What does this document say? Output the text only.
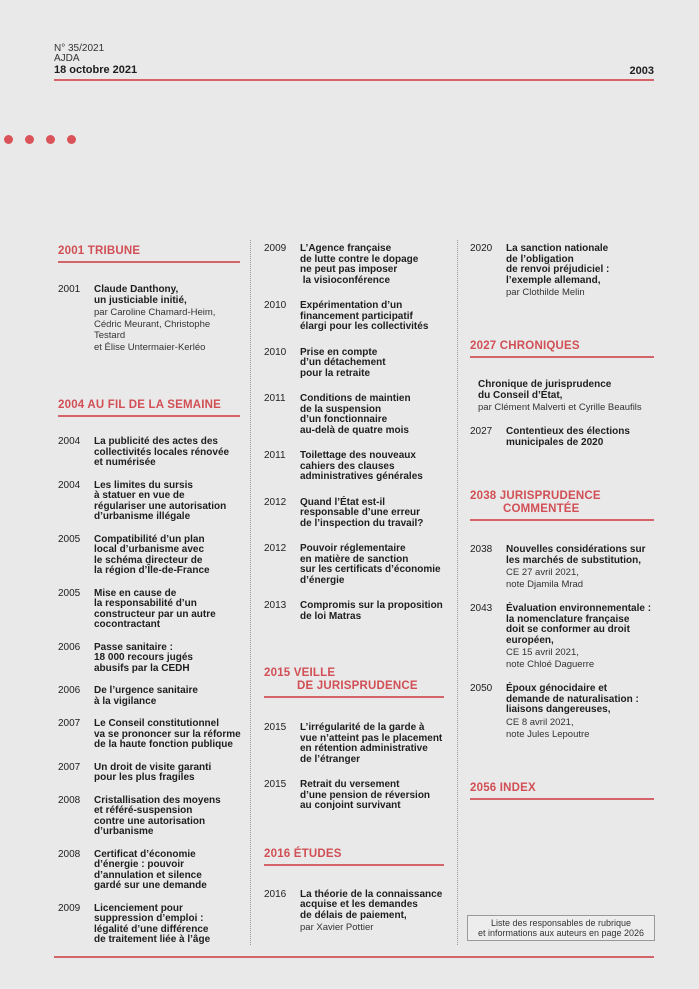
N° 35/2021
AJDA
18 octobre 2021	2003
2001 TRIBUNE
2001	Claude Danthony,
un justiciable initié,
par Caroline Chamard-Heim,
Cédric Meurant, Christophe Testard
et Élise Untermaier-Kerléo
2004 AU FIL DE LA SEMAINE
2004	La publicité des actes des
collectivités locales rénovée
et numérisée
2004	Les limites du sursis
à statuer en vue de
régulariser une autorisation
d’urbanisme illégale
2005	Compatibilité d’un plan
local d’urbanisme avec
le schéma directeur de
la région d’Île-de-France
2005	Mise en cause de
la responsabilité d’un
constructeur par un autre
cocontractant
2006	Passe sanitaire :
18 000 recours jugés
abusifs par la CEDH
2006	De l’urgence sanitaire
à la vigilance
2007	Le Conseil constitutionnel
va se prononcer sur la réforme
de la haute fonction publique
2007	Un droit de visite garanti
pour les plus fragiles
2008	Cristallisation des moyens
et référé-suspension
contre une autorisation
d’urbanisme
2008	Certificat d’économie
d’énergie : pouvoir
d’annulation et silence
gardé sur une demande
2009	Licenciement pour
suppression d’emploi :
légalité d’une différence
de traitement liée à l’âge
2009	L’Agence française
de lutte contre le dopage
ne peut pas imposer
la visioconférence
2010	Expérimentation d’un
financement participatif
élargi pour les collectivités
2010	Prise en compte
d’un détachement
pour la retraite
2011	Conditions de maintien
de la suspension
d’un fonctionnaire
au-delà de quatre mois
2011	Toilettage des nouveaux
cahiers des clauses
administratives générales
2012	Quand l’État est-il
responsable d’une erreur
de l’inspection du travail?
2012	Pouvoir réglementaire
en matière de sanction
sur les certificats d’économie
d’énergie
2013	Compromis sur la proposition
de loi Matras
2015 VEILLE
DE JURISPRUDENCE
2015	L’irrégularité de la garde à
vue n’atteint pas le placement
en rétention administrative
de l’étranger
2015	Retrait du versement
d’une pension de réversion
au conjoint survivant
2016 ÉTUDES
2016	La théorie de la connaissance
acquise et les demandes
de délais de paiement,
par Xavier Pottier
2020	La sanction nationale
de l’obligation
de renvoi préjudiciel :
l’exemple allemand,
par Clothilde Melin
2027 CHRONIQUES
Chronique de jurisprudence
du Conseil d’État,
par Clément Malverti et Cyrille Beaufils
2027	Contentieux des élections
municipales de 2020
2038 JURISPRUDENCE
COMMENTÉE
2038	Nouvelles considérations sur
les marchés de substitution,
CE 27 avril 2021,
note Djamila Mrad
2043	Évaluation environnementale :
la nomenclature française
doit se conformer au droit
européen,
CE 15 avril 2021,
note Chloé Daguerre
2050	Époux génocidaire et
demande de naturalisation :
liaisons dangereuses,
CE 8 avril 2021,
note Jules Lepoutre
2056 INDEX
Liste des responsables de rubrique
et informations aux auteurs en page 2026
